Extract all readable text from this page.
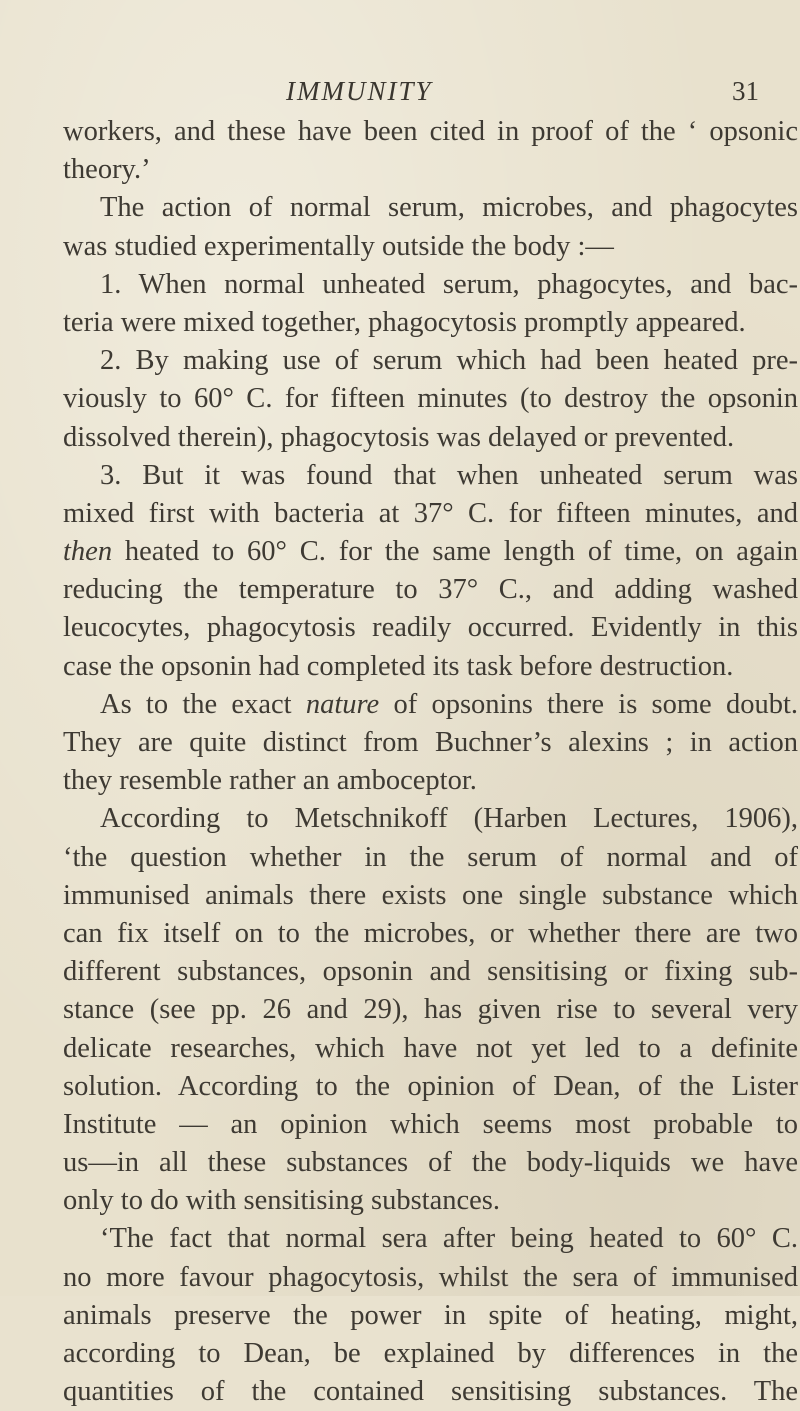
IMMUNITY	31
workers, and these have been cited in proof of the ‘ opsonic
theory.’
The action of normal serum, microbes, and phagocytes
was studied experimentally outside the body :—
1. When normal unheated serum, phagocytes, and bac-
teria were mixed together, phagocytosis promptly appeared.
2. By making use of serum which had been heated pre-
viously to 60° C. for fifteen minutes (to destroy the opsonin
dissolved therein), phagocytosis was delayed or prevented.
3. But it was found that when unheated serum was
mixed first with bacteria at 37° C. for fifteen minutes, and
then heated to 60° C. for the same length of time, on again
reducing the temperature to 37° C., and adding washed
leucocytes, phagocytosis readily occurred. Evidently in this
case the opsonin had completed its task before destruction.
As to the exact nature of opsonins there is some doubt.
They are quite distinct from Buchner’s alexins ; in action
they resemble rather an amboceptor.
According to Metschnikoff (Harben Lectures, 1906),
‘the question whether in the serum of normal and of
immunised animals there exists one single substance which
can fix itself on to the microbes, or whether there are two
different substances, opsonin and sensitising or fixing sub-
stance (see pp. 26 and 29), has given rise to several very
delicate researches, which have not yet led to a definite
solution. According to the opinion of Dean, of the Lister
Institute — an opinion which seems most probable to
us—in all these substances of the body-liquids we have
only to do with sensitising substances.
‘The fact that normal sera after being heated to 60° C.
no more favour phagocytosis, whilst the sera of immunised
animals preserve the power in spite of heating, might,
according to Dean, be explained by differences in the
quantities of the contained sensitising substances. The
